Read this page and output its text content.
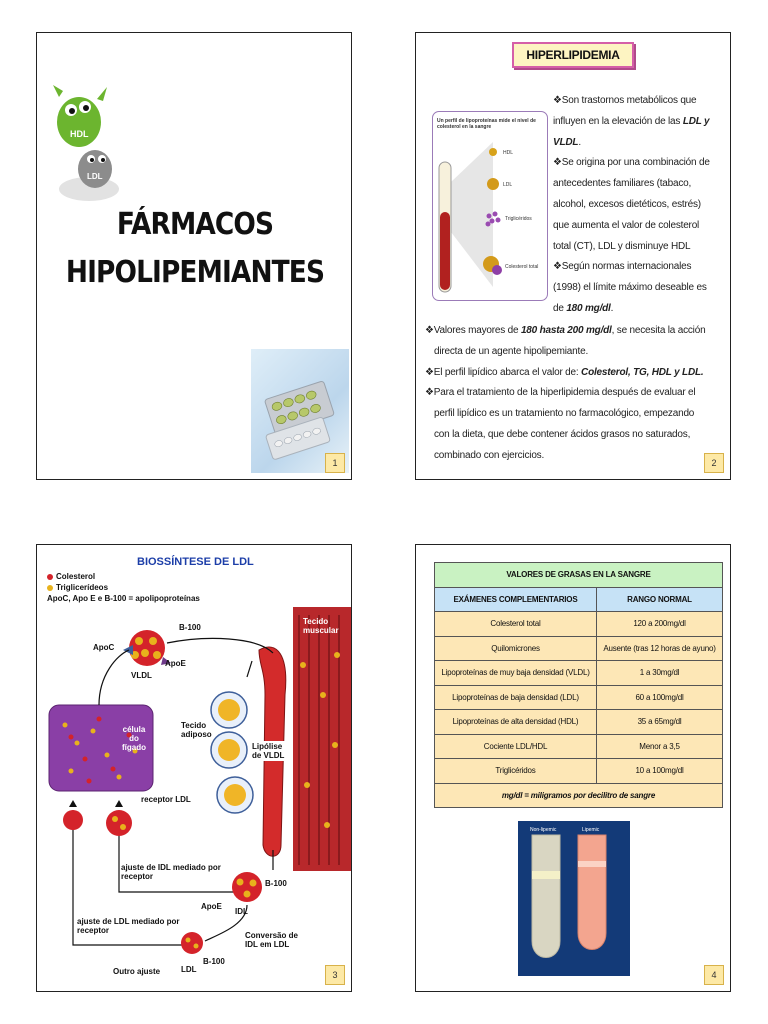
HDL
LDL
FÁRMACOS
HIPOLIPEMIANTES
1
HIPERLIPIDEMIA
Un perfil de lipoproteínas mide el nivel de colesterol en la sangre
HDL
LDL
Triglicéridos
Colesterol total
❖Son trastornos metabólicos que
influyen en la elevación de las LDL y
VLDL.
❖Se origina por una combinación de
antecedentes familiares (tabaco,
alcohol, excesos dietéticos, estrés)
que aumenta el valor de colesterol
total (CT), LDL y disminuye HDL
❖Según normas internacionales
(1998) el límite máximo deseable es
de 180 mg/dl.
❖Valores mayores de 180 hasta 200 mg/dl, se necesita la acción
directa de un agente hipolipemiante.
❖El perfil lipídico abarca el valor de: Colesterol, TG, HDL y LDL.
❖Para el tratamiento de la hiperlipidemia después de evaluar el
perfil lipídico es un tratamiento no farmacológico, empezando
con la dieta, que debe contener ácidos grasos no saturados,
combinado con ejercicios.
2
BIOSSÍNTESE DE LDL
Colesterol
Triglicerídeos
ApoC, Apo E e B-100 = apolipoproteínas
B-100
ApoC
ApoE
VLDL
Tecido muscular
Tecido adiposo
célula do fígado	Lipólise de VLDL
receptor LDL
ajuste de IDL mediado por receptor
B-100
ApoE
IDL
ajuste de LDL mediado por receptor
Conversão de IDL em LDL
B-100
Outro ajuste	LDL
3
VALORES DE GRASAS EN LA SANGRE	
EXÁMENES COMPLEMENTARIOS	RANGO NORMAL
Colesterol total	120 a 200mg/dl
Quilomicrones	Ausente (tras 12 horas de ayuno)
Lipoproteínas de muy baja densidad (VLDL)	1 a 30mg/dl
Lipoproteínas de baja densidad (LDL)	60 a 100mg/dl
Lipoproteínas de alta densidad (HDL)	35 a 65mg/dl
Cociente LDL/HDL	Menor a 3,5
Triglicéridos	10 a 100mg/dl
mg/dl = miligramos por decilitro de sangre	
Non-lipemic	Lipemic
4
